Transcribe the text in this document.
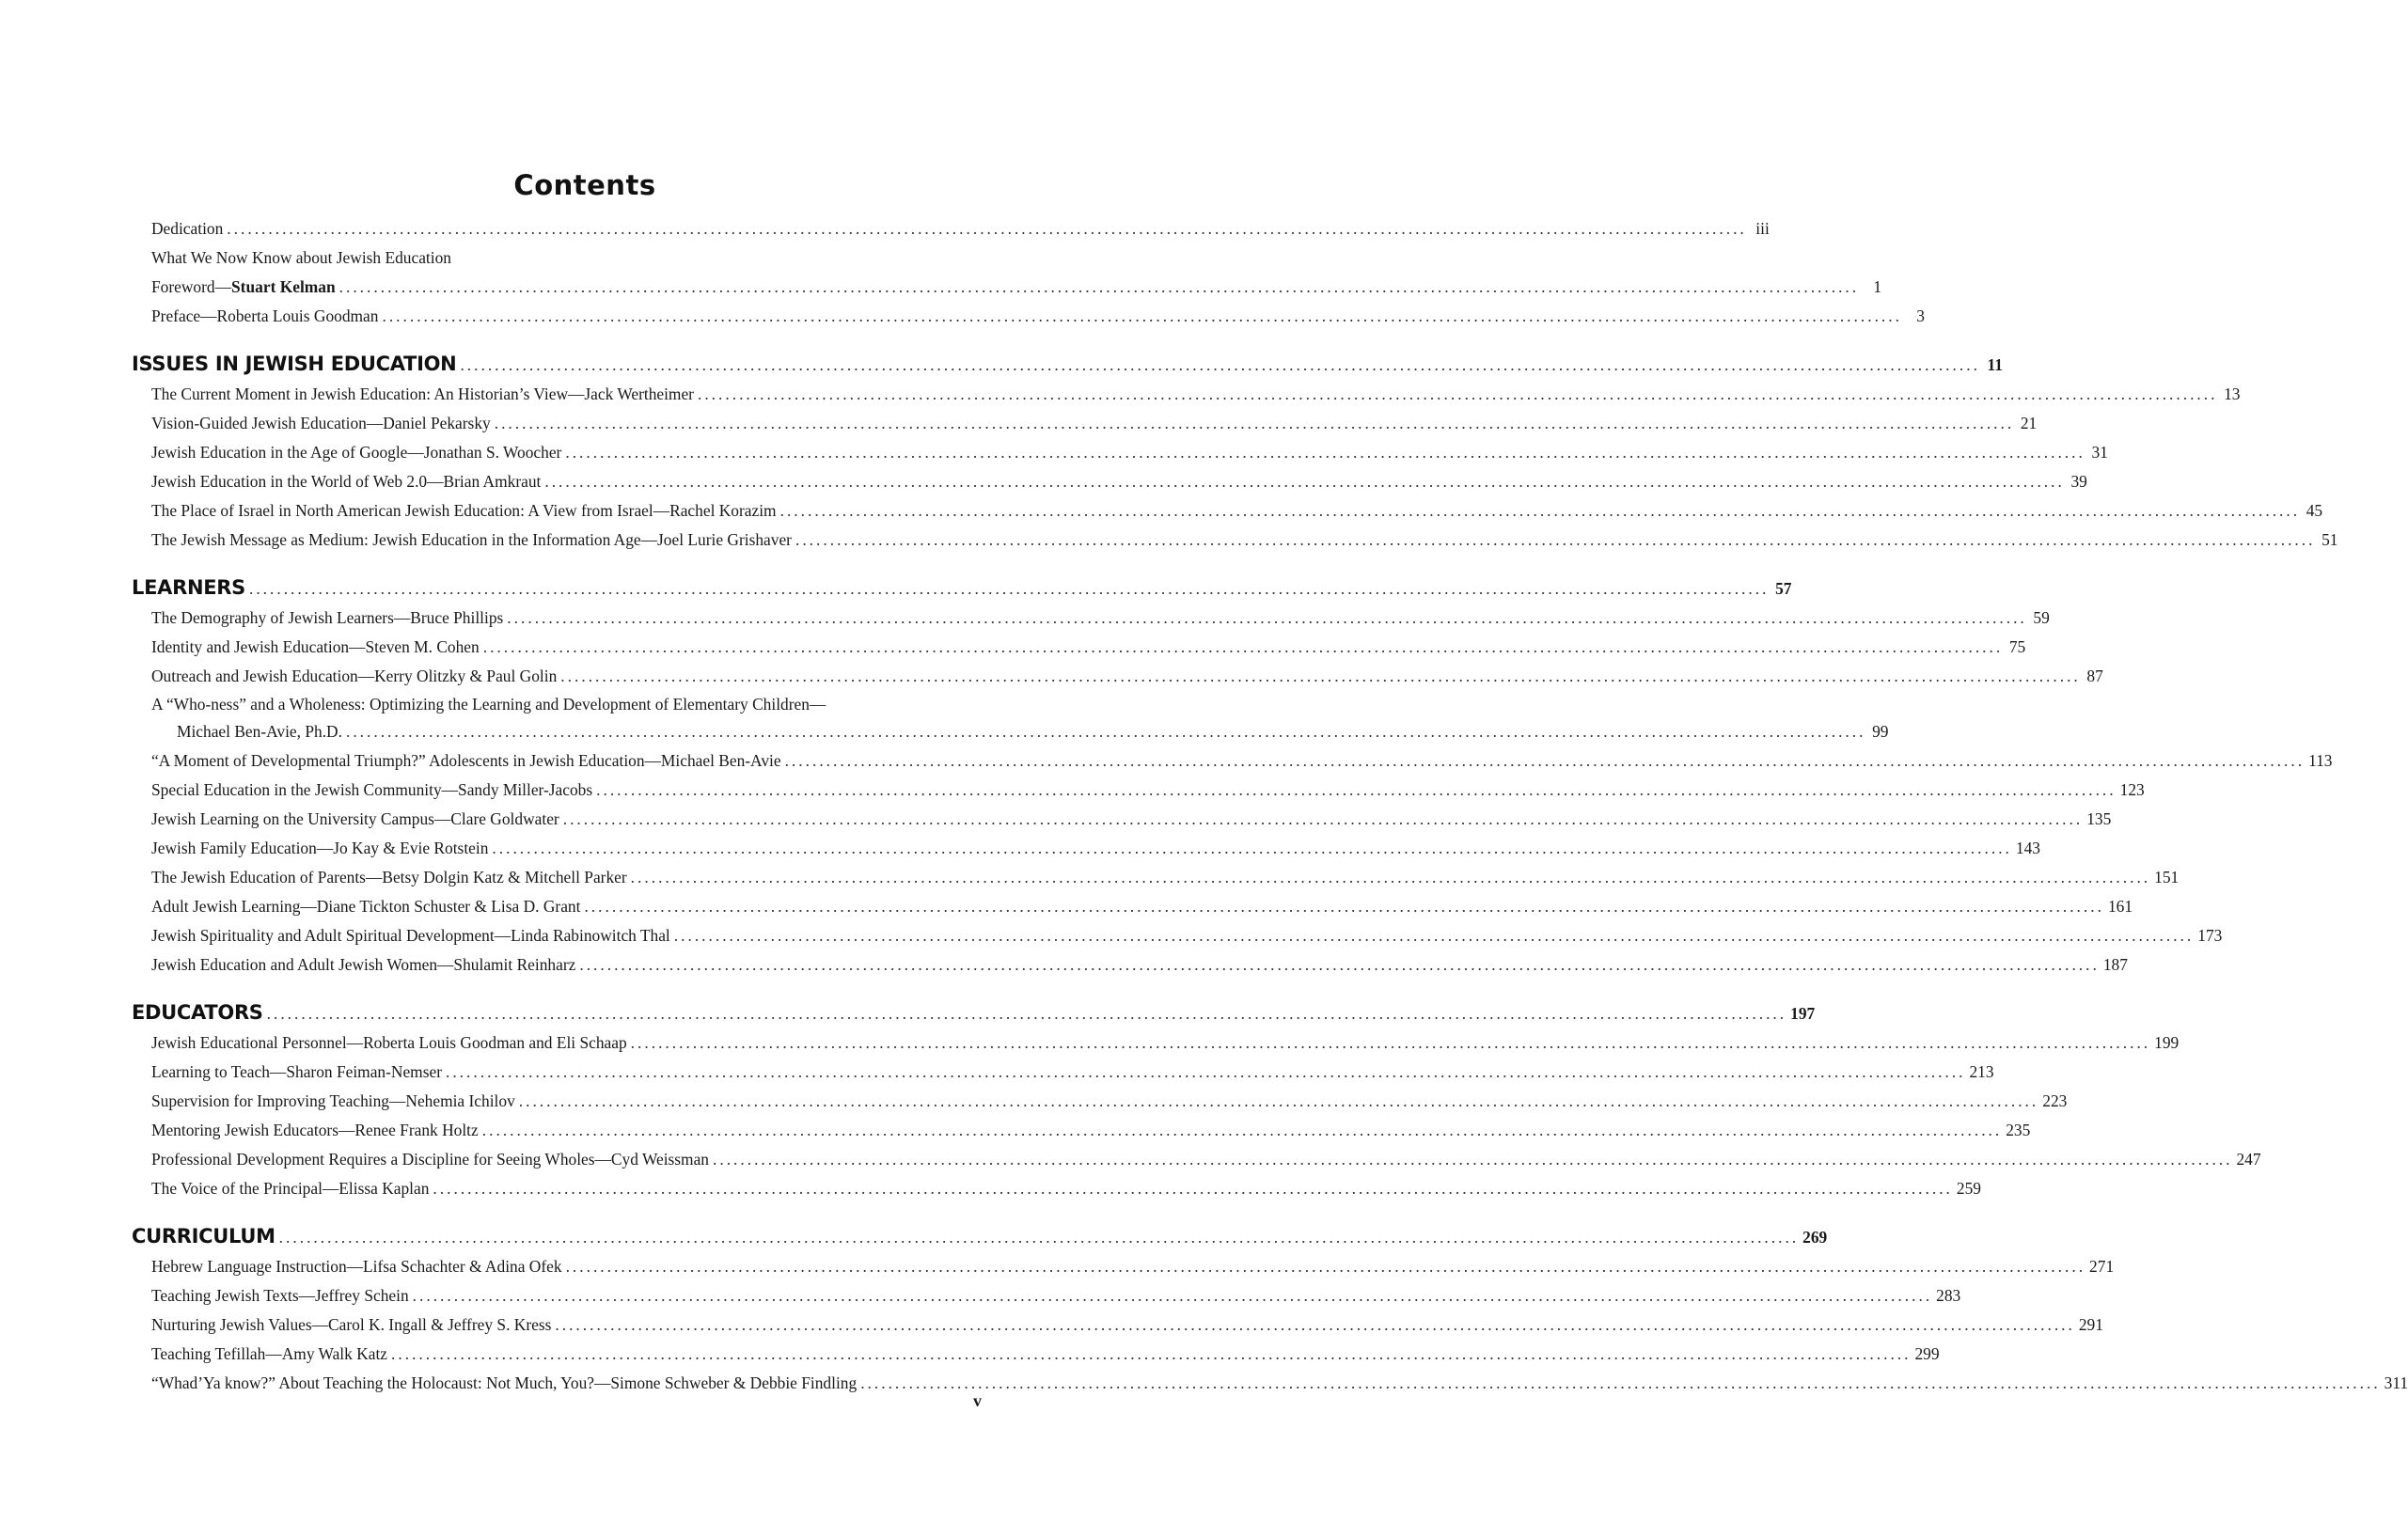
Contents
Dedication ............................................................................................................................................................................................................................ iii
What We Now Know about Jewish Education
Foreword—Stuart Kelman ............................................................................................................................................................................................................................ 1
Preface—Roberta Louis Goodman ............................................................................................................................................................................................................................ 3
ISSUES IN JEWISH EDUCATION ............................................................................................................................................................................................................................ 11
The Current Moment in Jewish Education: An Historian’s View—Jack Wertheimer ............................................................................................................................................................................................................................ 13
Vision-Guided Jewish Education—Daniel Pekarsky ............................................................................................................................................................................................................................ 21
Jewish Education in the Age of Google—Jonathan S. Woocher ............................................................................................................................................................................................................................ 31
Jewish Education in the World of Web 2.0—Brian Amkraut ............................................................................................................................................................................................................................ 39
The Place of Israel in North American Jewish Education: A View from Israel—Rachel Korazim ............................................................................................................................................................................................................................ 45
The Jewish Message as Medium: Jewish Education in the Information Age—Joel Lurie Grishaver ............................................................................................................................................................................................................................ 51
LEARNERS ............................................................................................................................................................................................................................ 57
The Demography of Jewish Learners—Bruce Phillips ............................................................................................................................................................................................................................ 59
Identity and Jewish Education—Steven M. Cohen ............................................................................................................................................................................................................................ 75
Outreach and Jewish Education—Kerry Olitzky & Paul Golin ............................................................................................................................................................................................................................ 87
A “Who-ness” and a Wholeness: Optimizing the Learning and Development of Elementary Children—
Michael Ben-Avie, Ph.D. ............................................................................................................................................................................................................................ 99
“A Moment of Developmental Triumph?” Adolescents in Jewish Education—Michael Ben-Avie ............................................................................................................................................................................................................................ 113
Special Education in the Jewish Community—Sandy Miller-Jacobs ............................................................................................................................................................................................................................ 123
Jewish Learning on the University Campus—Clare Goldwater ............................................................................................................................................................................................................................ 135
Jewish Family Education—Jo Kay & Evie Rotstein ............................................................................................................................................................................................................................ 143
The Jewish Education of Parents—Betsy Dolgin Katz & Mitchell Parker ............................................................................................................................................................................................................................ 151
Adult Jewish Learning—Diane Tickton Schuster & Lisa D. Grant ............................................................................................................................................................................................................................ 161
Jewish Spirituality and Adult Spiritual Development—Linda Rabinowitch Thal ............................................................................................................................................................................................................................ 173
Jewish Education and Adult Jewish Women—Shulamit Reinharz ............................................................................................................................................................................................................................ 187
EDUCATORS ............................................................................................................................................................................................................................ 197
Jewish Educational Personnel—Roberta Louis Goodman and Eli Schaap ............................................................................................................................................................................................................................ 199
Learning to Teach—Sharon Feiman-Nemser ............................................................................................................................................................................................................................ 213
Supervision for Improving Teaching—Nehemia Ichilov ............................................................................................................................................................................................................................ 223
Mentoring Jewish Educators—Renee Frank Holtz ............................................................................................................................................................................................................................ 235
Professional Development Requires a Discipline for Seeing Wholes—Cyd Weissman ............................................................................................................................................................................................................................ 247
The Voice of the Principal—Elissa Kaplan ............................................................................................................................................................................................................................ 259
CURRICULUM ............................................................................................................................................................................................................................ 269
Hebrew Language Instruction—Lifsa Schachter & Adina Ofek ............................................................................................................................................................................................................................ 271
Teaching Jewish Texts—Jeffrey Schein ............................................................................................................................................................................................................................ 283
Nurturing Jewish Values—Carol K. Ingall & Jeffrey S. Kress ............................................................................................................................................................................................................................ 291
Teaching Tefillah—Amy Walk Katz ............................................................................................................................................................................................................................ 299
“Whad’Ya know?” About Teaching the Holocaust: Not Much, You?—Simone Schweber & Debbie Findling ............................................................................................................................................................................................................................ 311
v
